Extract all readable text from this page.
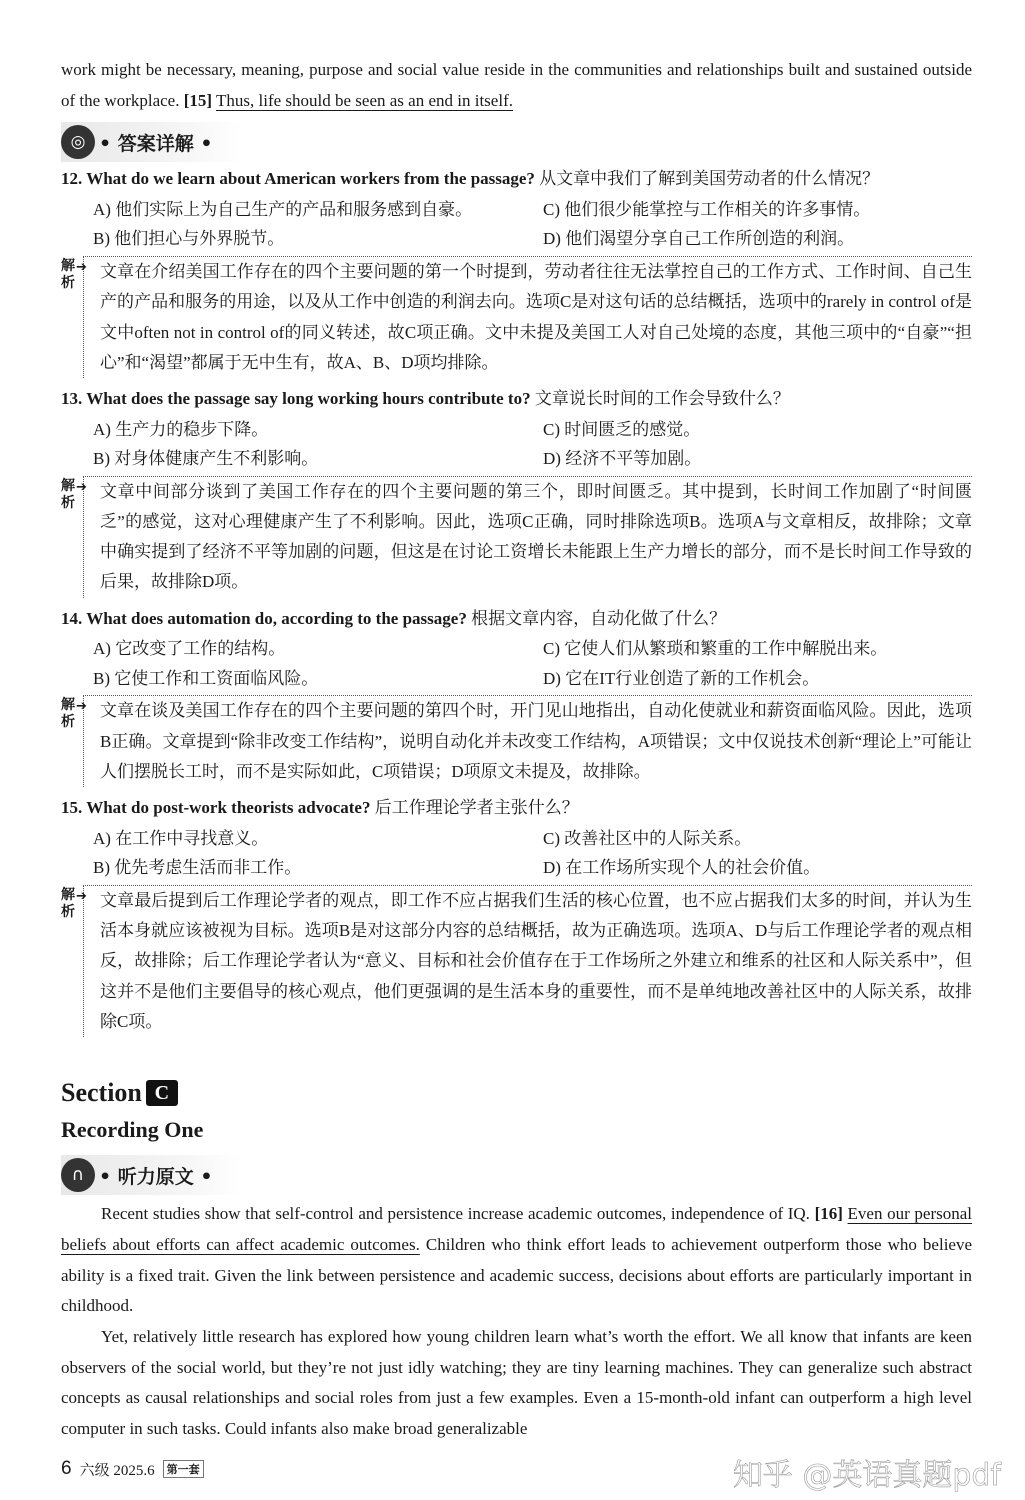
work might be necessary, meaning, purpose and social value reside in the communities and relationships built and sustained outside of the workplace. [15] Thus, life should be seen as an end in itself.

◎ • 答案详解 •
12. What do we learn about American workers from the passage? 从文章中我们了解到美国劳动者的什么情况？
A) 他们实际上为自己生产的产品和服务感到自豪。	C) 他们很少能掌控与工作相关的许多事情。
B) 他们担心与外界脱节。	D) 他们渴望分享自己工作所创造的利润。
解析
➔ 文章在介绍美国工作存在的四个主要问题的第一个时提到，劳动者往往无法掌控自己的工作方式、工作时间、自己生产的产品和服务的用途，以及从工作中创造的利润去向。选项C是对这句话的总结概括，选项中的rarely in control of是文中often not in control of的同义转述，故C项正确。文中未提及美国工人对自己处境的态度，其他三项中的“自豪”“担心”和“渴望”都属于无中生有，故A、B、D项均排除。
13. What does the passage say long working hours contribute to? 文章说长时间的工作会导致什么？
A) 生产力的稳步下降。	C) 时间匮乏的感觉。
B) 对身体健康产生不利影响。	D) 经济不平等加剧。
解析
➔ 文章中间部分谈到了美国工作存在的四个主要问题的第三个，即时间匮乏。其中提到，长时间工作加剧了“时间匮乏”的感觉，这对心理健康产生了不利影响。因此，选项C正确，同时排除选项B。选项A与文章相反，故排除；文章中确实提到了经济不平等加剧的问题，但这是在讨论工资增长未能跟上生产力增长的部分，而不是长时间工作导致的后果，故排除D项。
14. What does automation do, according to the passage? 根据文章内容，自动化做了什么？
A) 它改变了工作的结构。	C) 它使人们从繁琐和繁重的工作中解脱出来。
B) 它使工作和工资面临风险。	D) 它在IT行业创造了新的工作机会。
解析
➔ 文章在谈及美国工作存在的四个主要问题的第四个时，开门见山地指出，自动化使就业和薪资面临风险。因此，选项B正确。文章提到“除非改变工作结构”，说明自动化并未改变工作结构，A项错误；文中仅说技术创新“理论上”可能让人们摆脱长工时，而不是实际如此，C项错误；D项原文未提及，故排除。
15. What do post-work theorists advocate? 后工作理论学者主张什么？
A) 在工作中寻找意义。	C) 改善社区中的人际关系。
B) 优先考虑生活而非工作。	D) 在工作场所实现个人的社会价值。
解析
➔ 文章最后提到后工作理论学者的观点，即工作不应占据我们生活的核心位置，也不应占据我们太多的时间，并认为生活本身就应该被视为目标。选项B是对这部分内容的总结概括，故为正确选项。选项A、D与后工作理论学者的观点相反，故排除；后工作理论学者认为“意义、目标和社会价值存在于工作场所之外建立和维系的社区和人际关系中”，但这并不是他们主要倡导的核心观点，他们更强调的是生活本身的重要性，而不是单纯地改善社区中的人际关系，故排除C项。
Section C
Recording One
∩ • 听力原文 •

Recent studies show that self-control and persistence increase academic outcomes, independence of IQ. [16] Even our personal beliefs about efforts can affect academic outcomes. Children who think effort leads to achievement outperform those who believe ability is a fixed trait. Given the link between persistence and academic success, decisions about efforts are particularly important in childhood.

Yet, relatively little research has explored how young children learn what’s worth the effort. We all know that infants are keen observers of the social world, but they’re not just idly watching; they are tiny learning machines. They can generalize such abstract concepts as causal relationships and social roles from just a few examples. Even a 15-month-old infant can outperform a high level computer in such tasks. Could infants also make broad generalizable

6 六级 2025.6	第一套	知乎 @英语真题pdf
